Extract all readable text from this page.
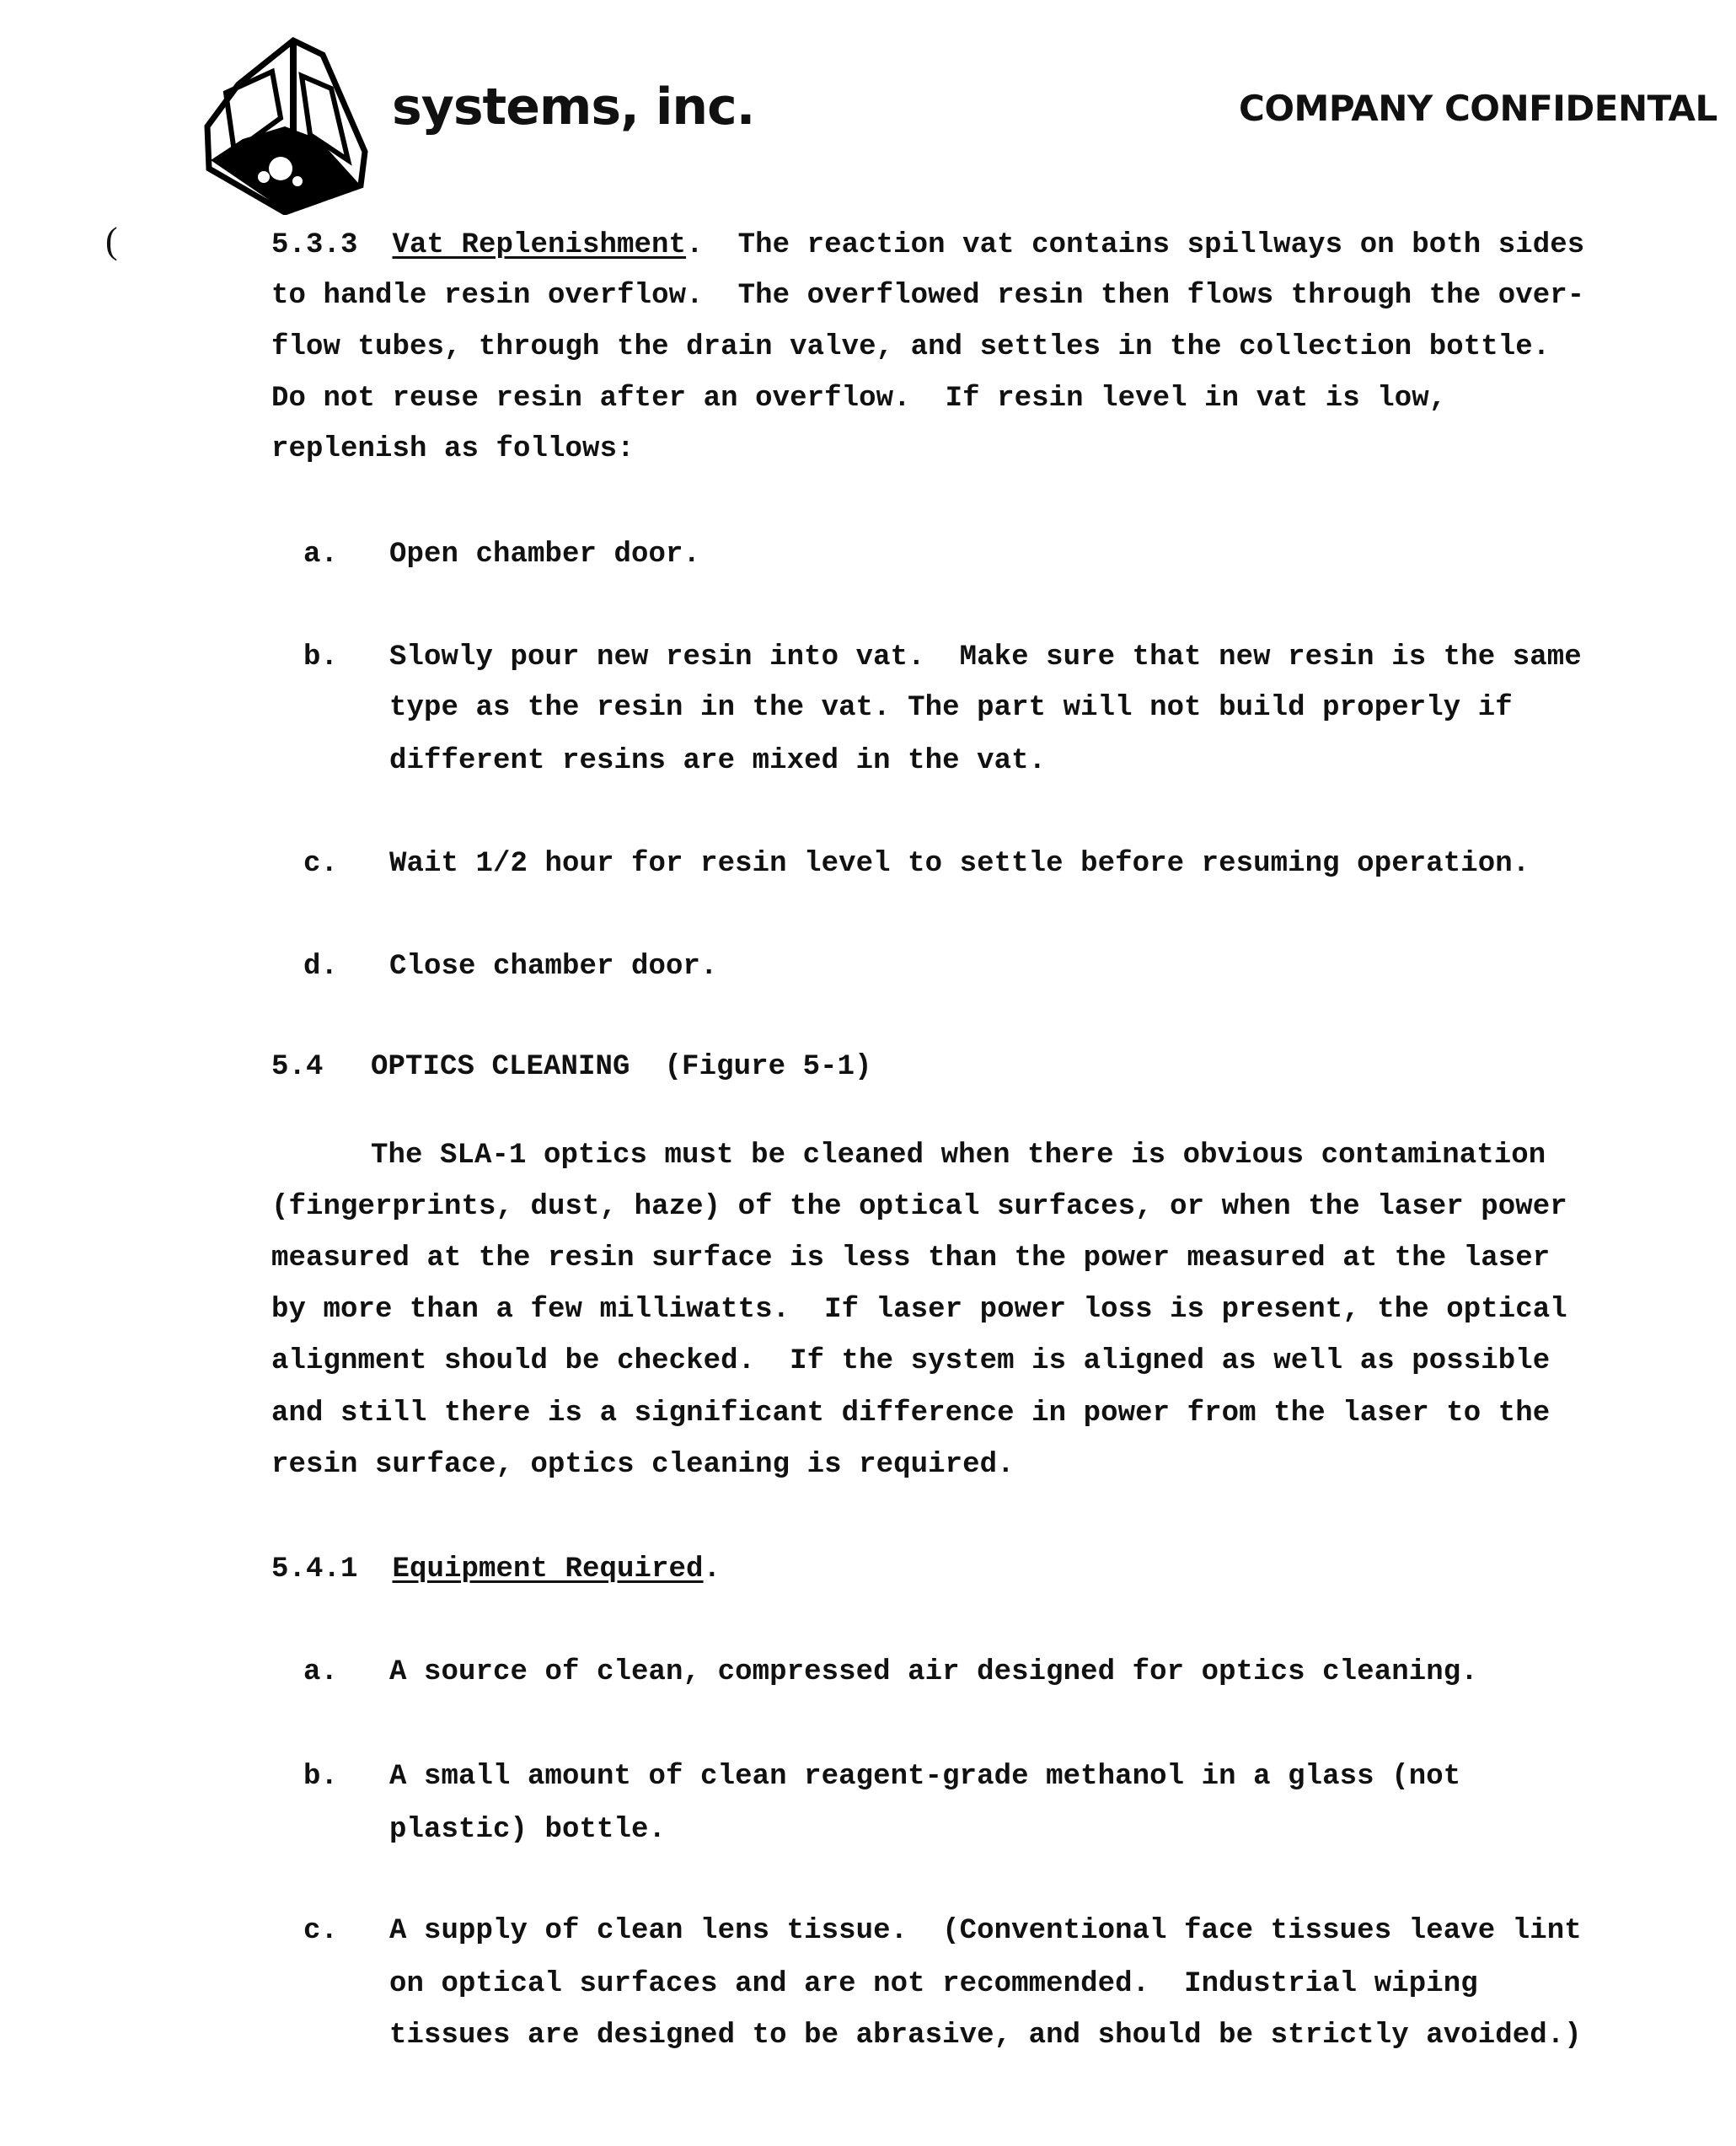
systems, inc.	COMPANY CONFIDENTAL
(	5.3.3 Vat Replenishment.  The reaction vat contains spillways on both sides
to handle resin overflow.  The overflowed resin then flows through the over-
flow tubes, through the drain valve, and settles in the collection bottle.
Do not reuse resin after an overflow.  If resin level in vat is low,
replenish as follows:
a. Open chamber door.
b. Slowly pour new resin into vat.  Make sure that new resin is the same
type as the resin in the vat. The part will not build properly if
different resins are mixed in the vat.
c. Wait 1/2 hour for resin level to settle before resuming operation.
d. Close chamber door.
5.4 OPTICS CLEANING  (Figure 5-1)
The SLA-1 optics must be cleaned when there is obvious contamination
(fingerprints, dust, haze) of the optical surfaces, or when the laser power
measured at the resin surface is less than the power measured at the laser
by more than a few milliwatts.  If laser power loss is present, the optical
alignment should be checked.  If the system is aligned as well as possible
and still there is a significant difference in power from the laser to the
resin surface, optics cleaning is required.
5.4.1 Equipment Required.
a. A source of clean, compressed air designed for optics cleaning.
b. A small amount of clean reagent-grade methanol in a glass (not
plastic) bottle.
c. A supply of clean lens tissue.  (Conventional face tissues leave lint
on optical surfaces and are not recommended.  Industrial wiping
tissues are designed to be abrasive, and should be strictly avoided.)
